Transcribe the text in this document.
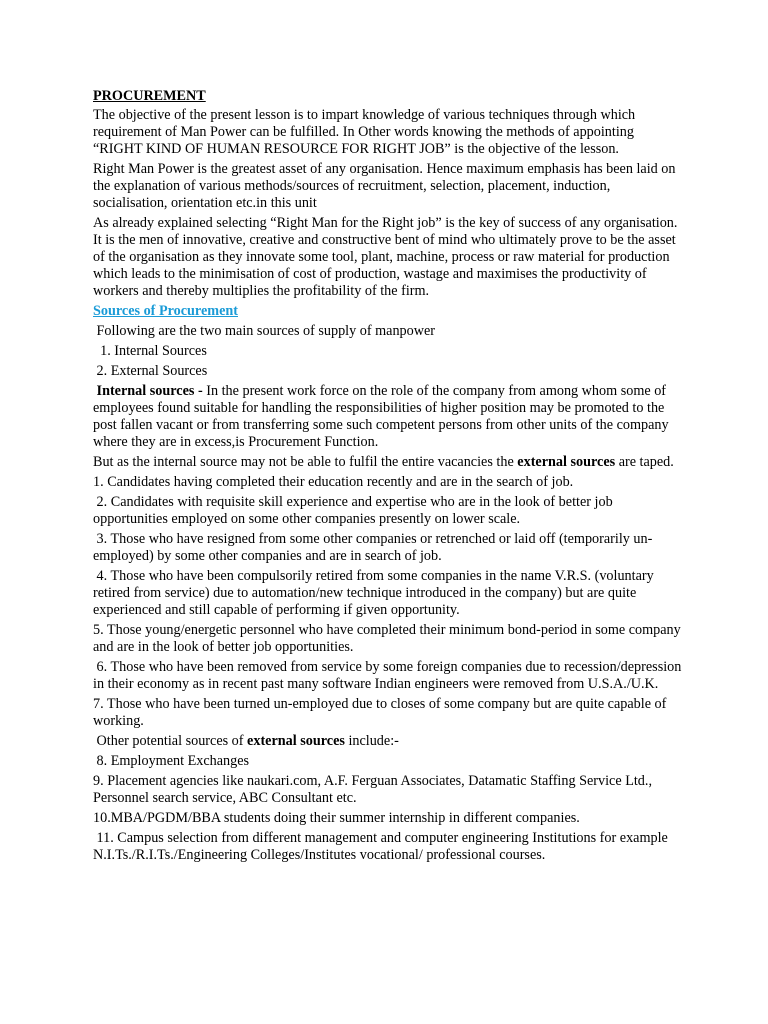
PROCUREMENT

The objective of the present lesson is to impart knowledge of various techniques through which requirement of Man Power can be fulfilled. In Other words knowing the methods of appointing “RIGHT KIND OF HUMAN RESOURCE FOR RIGHT JOB” is the objective of the lesson.

Right Man Power is the greatest asset of any organisation. Hence maximum emphasis has been laid on the explanation of various methods/sources of recruitment, selection, placement, induction, socialisation, orientation etc.in this unit

As already explained selecting “Right Man for the Right job” is the key of success of any organisation. It is the men of innovative, creative and constructive bent of mind who ultimately prove to be the asset of the organisation as they innovate some tool, plant, machine, process or raw material for production which leads to the minimisation of cost of production, wastage and maximises the productivity of workers and thereby multiplies the profitability of the firm.

Sources of Procurement

Following are the two main sources of supply of manpower

1. Internal Sources

2. External Sources

Internal sources - In the present work force on the role of the company from among whom some of employees found suitable for handling the responsibilities of higher position may be promoted to the post fallen vacant or from transferring some such competent persons from other units of the company where they are in excess,is Procurement Function.

But as the internal source may not be able to fulfil the entire vacancies the external sources are taped.

1. Candidates having completed their education recently and are in the search of job.

2. Candidates with requisite skill experience and expertise who are in the look of better job opportunities employed on some other companies presently on lower scale.

3. Those who have resigned from some other companies or retrenched or laid off (temporarily un-employed) by some other companies and are in search of job.

4. Those who have been compulsorily retired from some companies in the name V.R.S. (voluntary retired from service) due to automation/new technique introduced in the company) but are quite experienced and still capable of performing if given opportunity.

5. Those young/energetic personnel who have completed their minimum bond-period in some company and are in the look of better job opportunities.

6. Those who have been removed from service by some foreign companies due to recession/depression  in their economy as in recent past many software Indian engineers were removed from U.S.A./U.K.

7. Those who have been turned un-employed due to closes of some company but are quite capable of working.

Other potential sources of external sources include:-

8. Employment Exchanges

9. Placement agencies like naukari.com, A.F. Ferguan Associates, Datamatic Staffing Service Ltd., Personnel search service, ABC Consultant etc.

10.MBA/PGDM/BBA students doing their summer internship in different companies.

11. Campus selection from different management and computer engineering Institutions for example N.I.Ts./R.I.Ts./Engineering Colleges/Institutes vocational/ professional courses.
